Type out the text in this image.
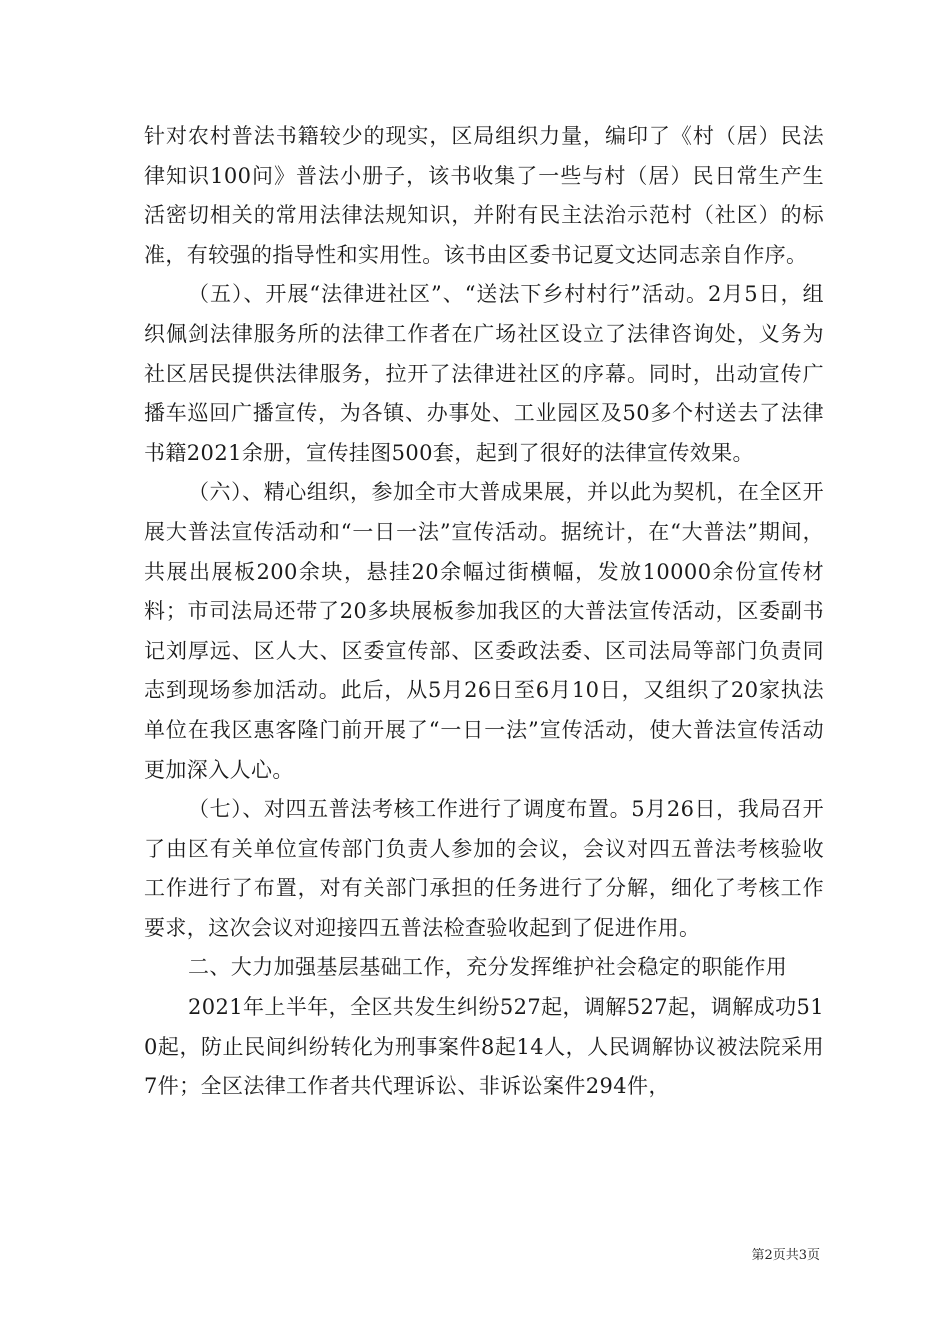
针对农村普法书籍较少的现实，区局组织力量，编印了《村（居）民法律知识100问》普法小册子，该书收集了一些与村（居）民日常生产生活密切相关的常用法律法规知识，并附有民主法治示范村（社区）的标准，有较强的指导性和实用性。该书由区委书记夏文达同志亲自作序。

（五）、开展“法律进社区”、“送法下乡村村行”活动。2月5日，组织佩剑法律服务所的法律工作者在广场社区设立了法律咨询处，义务为社区居民提供法律服务，拉开了法律进社区的序幕。同时，出动宣传广播车巡回广播宣传，为各镇、办事处、工业园区及50多个村送去了法律书籍2021余册，宣传挂图500套，起到了很好的法律宣传效果。

（六）、精心组织，参加全市大普成果展，并以此为契机，在全区开展大普法宣传活动和“一日一法”宣传活动。据统计，在“大普法”期间，共展出展板200余块，悬挂20余幅过街横幅，发放10000余份宣传材料；市司法局还带了20多块展板参加我区的大普法宣传活动，区委副书记刘厚远、区人大、区委宣传部、区委政法委、区司法局等部门负责同志到现场参加活动。此后，从5月26日至6月10日，又组织了20家执法单位在我区惠客隆门前开展了“一日一法”宣传活动，使大普法宣传活动更加深入人心。

（七）、对四五普法考核工作进行了调度布置。5月26日，我局召开了由区有关单位宣传部门负责人参加的会议，会议对四五普法考核验收工作进行了布置，对有关部门承担的任务进行了分解，细化了考核工作要求，这次会议对迎接四五普法检查验收起到了促进作用。

二、大力加强基层基础工作，充分发挥维护社会稳定的职能作用

2021年上半年，全区共发生纠纷527起，调解527起，调解成功510起，防止民间纠纷转化为刑事案件8起14人，人民调解协议被法院采用7件；全区法律工作者共代理诉讼、非诉讼案件294件，

第2页共3页
